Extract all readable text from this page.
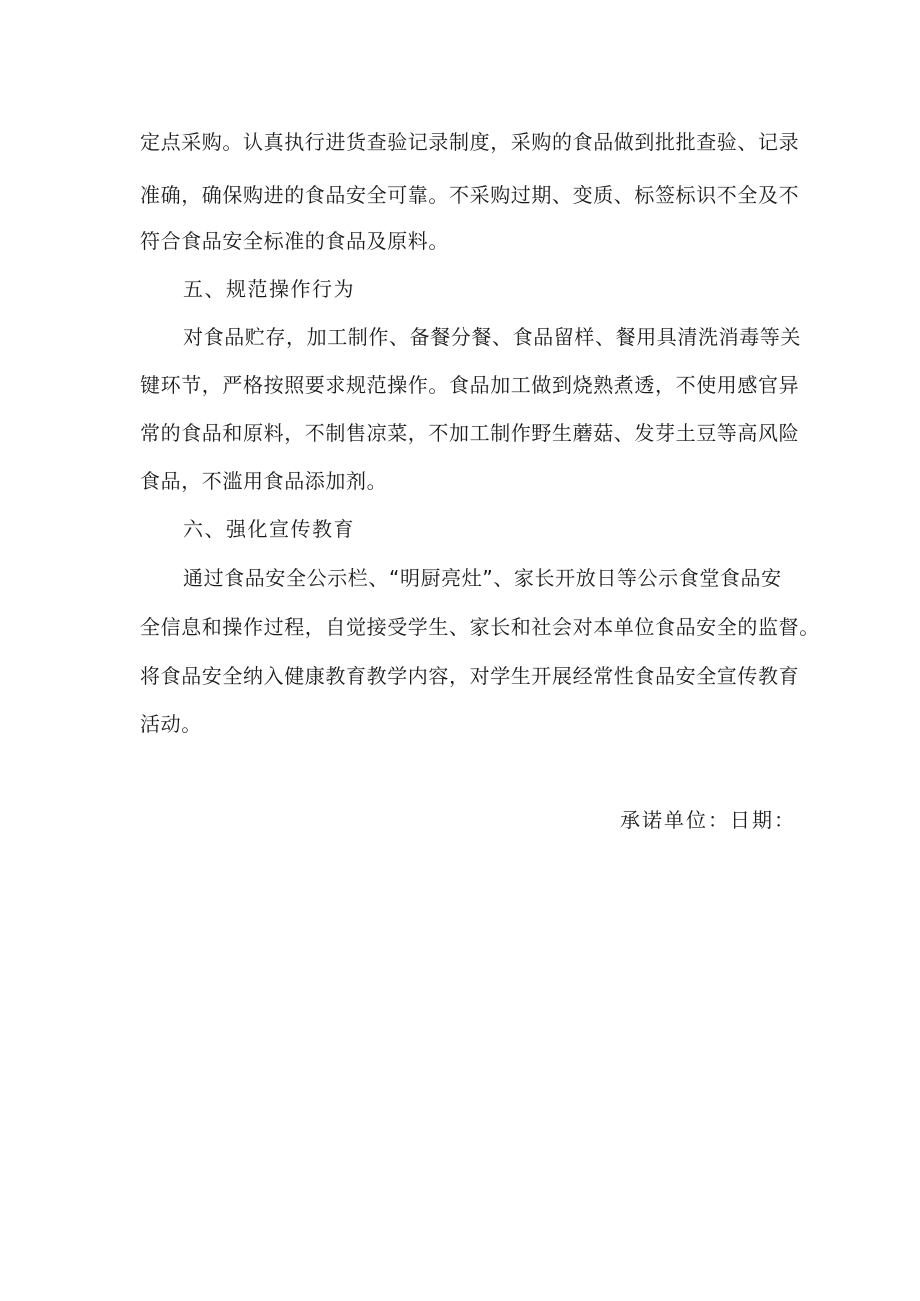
定点采购。认真执行进货查验记录制度，采购的食品做到批批查验、记录
准确，确保购进的食品安全可靠。不采购过期、变质、标签标识不全及不
符合食品安全标准的食品及原料。
五、规范操作行为
对食品贮存，加工制作、备餐分餐、食品留样、餐用具清洗消毒等关
键环节，严格按照要求规范操作。食品加工做到烧熟煮透，不使用感官异
常的食品和原料，不制售凉菜，不加工制作野生蘑菇、发芽土豆等高风险
食品，不滥用食品添加剂。
六、强化宣传教育
通过食品安全公示栏、“明厨亮灶”、家长开放日等公示食堂食品安
全信息和操作过程，自觉接受学生、家长和社会对本单位食品安全的监督。
将食品安全纳入健康教育教学内容，对学生开展经常性食品安全宣传教育
活动。
承诺单位：日期：
